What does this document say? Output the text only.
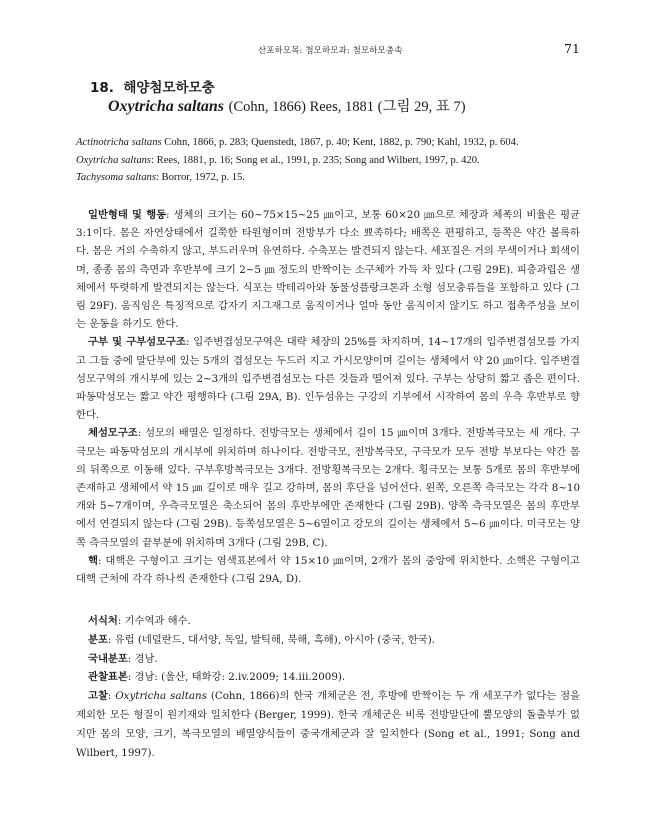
산포하모목: 첨모하모과: 첨모하모충속	71
18. 해양첨모하모충
Oxytricha saltans (Cohn, 1866) Rees, 1881 (그림 29, 표 7)
Actinotricha saltans Cohn, 1866, p. 283; Quenstedt, 1867, p. 40; Kent, 1882, p. 790; Kahl, 1932, p. 604.
Oxytricha saltans: Rees, 1881, p. 16; Song et al., 1991, p. 235; Song and Wilbert, 1997, p. 420.
Tachysoma saltans: Borror, 1972, p. 15.

일반형태 및 행동: 생체의 크기는 60~75×15~25 ㎛이고, 보통 60×20 ㎛으로 체장과 체폭의 비율은 평균 3:1이다. 몸은 자연상태에서 길쭉한 타원형이며 전방부가 다소 뾰족하다; 배쪽은 편평하고, 등쪽은 약간 볼록하다. 몸은 거의 수축하지 않고, 부드러우며 유연하다. 수축포는 발견되지 않는다. 세포질은 거의 무색이거나 회색이며, 종종 몸의 측면과 후반부에 크기 2~5 ㎛ 정도의 반짝이는 소구체가 가득 차 있다 (그림 29E). 피층과립은 생체에서 뚜렷하게 발견되지는 않는다. 식포는 박테리아와 동물성플랑크톤과 소형 섬모충류들을 포함하고 있다 (그림 29F). 움직임은 특징적으로 갑자기 지그재그로 움직이거나 얼마 동안 움직이지 않기도 하고 접촉주성을 보이는 운동을 하기도 한다.

구부 및 구부섬모구조: 입주변겹섬모구역은 대략 체장의 25%를 차지하며, 14~17개의 입주변겹섬모를 가지고 그들 중에 말단부에 있는 5개의 겹섬모는 두드러 지고 가시모양이며 길이는 생체에서 약 20 ㎛이다. 입주변겹섬모구역의 개시부에 있는 2~3개의 입주변겹섬모는 다른 것들과 떨어져 있다. 구부는 상당히 짧고 좁은 편이다. 파동막섬모는 짧고 약간 평행하다 (그림 29A, B). 인두섬유는 구강의 기부에서 시작하여 몸의 우측 후반부로 향한다.

체섬모구조: 섬모의 배열은 일정하다. 전방극모는 생체에서 길이 15 ㎛이며 3개다. 전방복극모는 세 개다. 구극모는 파동막섬모의 개시부에 위치하며 하나이다. 전방극모, 전방복극모, 구극모가 모두 전방 부보다는 약간 몸의 뒤쪽으로 이동해 있다. 구부후방복극모는 3개다. 전방횡복극모는 2개다. 횡극모는 보통 5개로 몸의 후반부에 존재하고 생체에서 약 15 ㎛ 길이로 매우 길고 강하며, 몸의 후단을 넘어선다. 왼쪽, 오른쪽 측극모는 각각 8~10개와 5~7개이며, 우측극모열은 축소되어 몸의 후반부에만 존재한다 (그림 29B). 양쪽 측극모열은 몸의 후반부에서 연결되지 않는다 (그림 29B). 등쪽섬모열은 5~6열이고 강모의 길이는 생체에서 5~6 ㎛이다. 미극모는 양쪽 측극모열의 끝부분에 위치하며 3개다 (그림 29B, C).

핵: 대핵은 구형이고 크기는 염색표본에서 약 15×10 ㎛이며, 2개가 몸의 중앙에 위치한다. 소핵은 구형이고 대핵 근처에 각각 하나씩 존재한다 (그림 29A, D).

서식처: 기수역과 해수.

분포: 유럽 (네덜란드, 대서양, 독일, 발틱해, 북해, 흑해), 아시아 (중국, 한국).

국내분포: 경남.

관찰표본: 경남: (울산, 태화강: 2.iv.2009; 14.iii.2009).

고찰: Oxytricha saltans (Cohn, 1866)의 한국 개체군은 전, 후방에 반짝이는 두 개 세포구가 없다는 점을 제외한 모든 형질이 원기재와 일치한다 (Berger, 1999). 한국 개체군은 비록 전방말단에 뿔모양의 돌출부가 없지만 몸의 모양, 크기, 복극모열의 배열양식들이 중국개체군과 잘 일치한다 (Song et al., 1991; Song and Wilbert, 1997).
